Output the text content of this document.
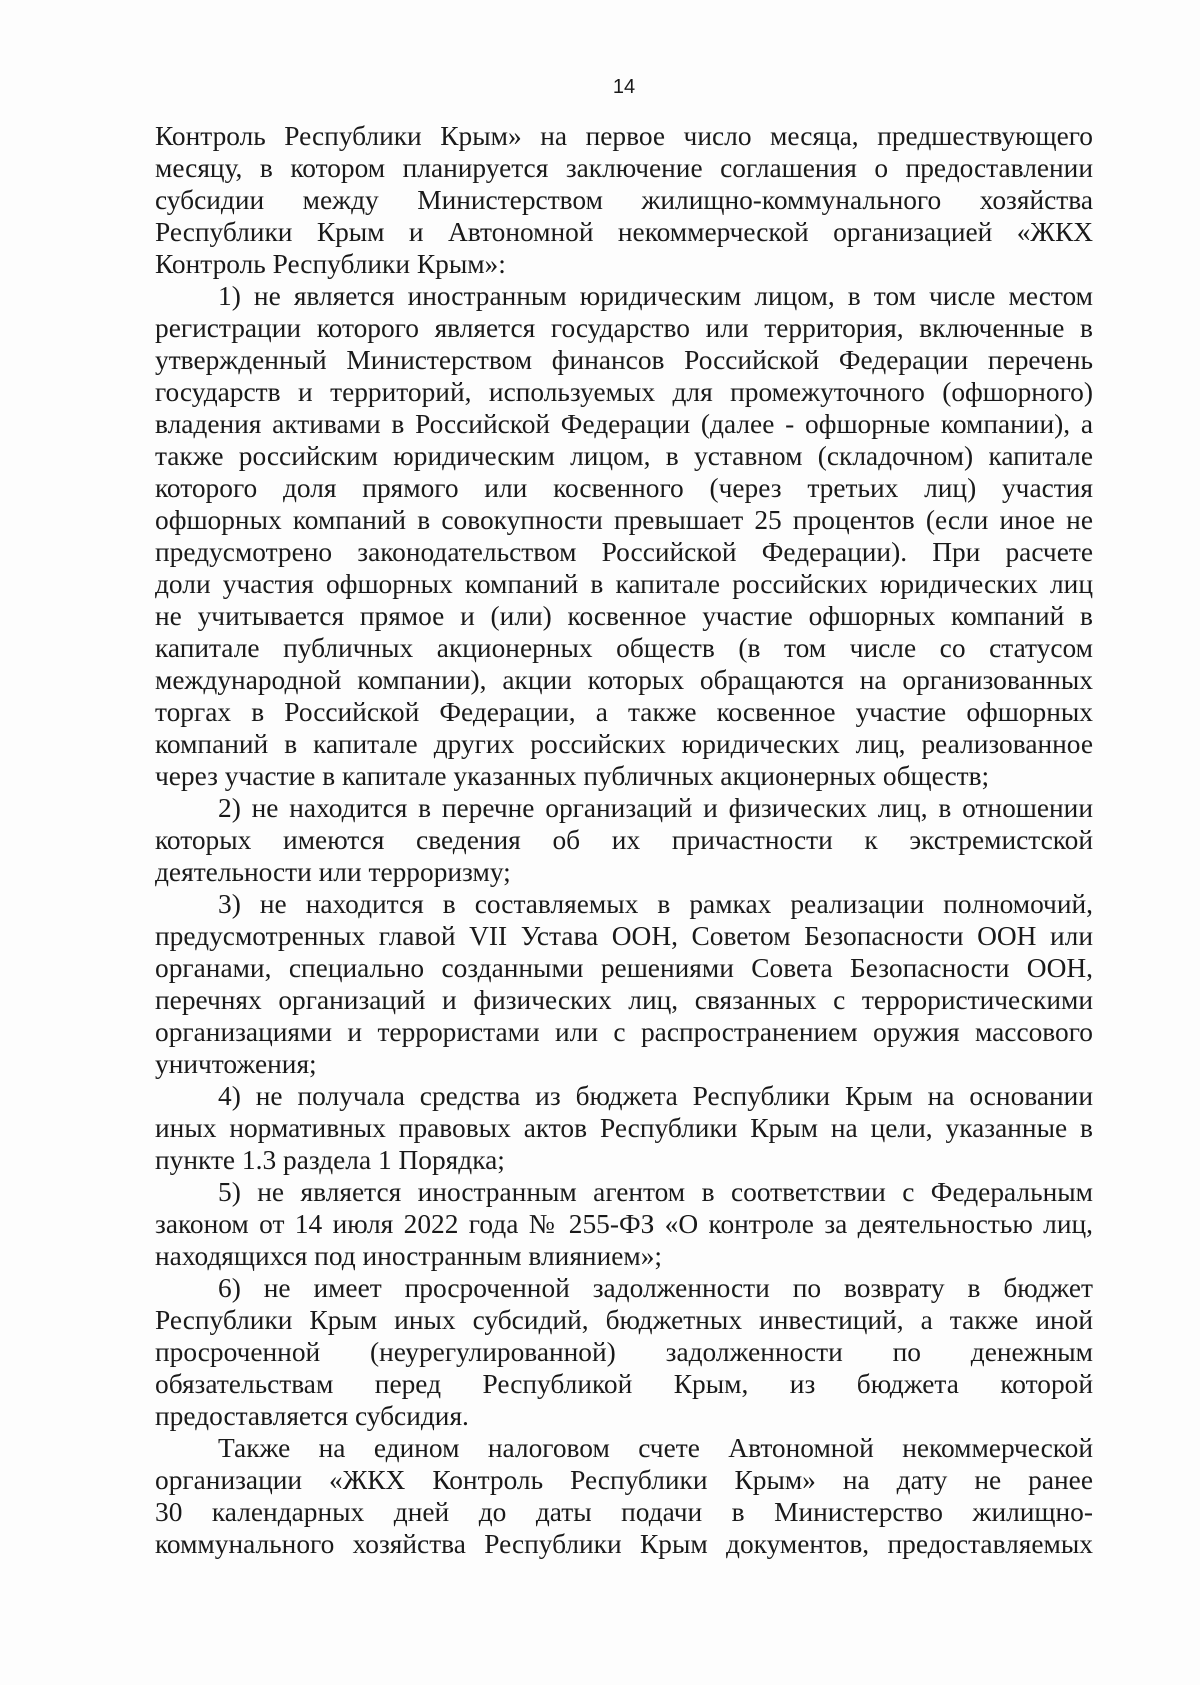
14
Контроль Республики Крым» на первое число месяца, предшествующего
месяцу, в котором планируется заключение соглашения о предоставлении
субсидии между Министерством жилищно-коммунального хозяйства
Республики Крым и Автономной некоммерческой организацией «ЖКХ
Контроль Республики Крым»:
1) не является иностранным юридическим лицом, в том числе местом
регистрации которого является государство или территория, включенные в
утвержденный Министерством финансов Российской Федерации перечень
государств и территорий, используемых для промежуточного (офшорного)
владения активами в Российской Федерации (далее - офшорные компании), а
также российским юридическим лицом, в уставном (складочном) капитале
которого доля прямого или косвенного (через третьих лиц) участия
офшорных компаний в совокупности превышает 25 процентов (если иное не
предусмотрено законодательством Российской Федерации). При расчете
доли участия офшорных компаний в капитале российских юридических лиц
не учитывается прямое и (или) косвенное участие офшорных компаний в
капитале публичных акционерных обществ (в том числе со статусом
международной компании), акции которых обращаются на организованных
торгах в Российской Федерации, а также косвенное участие офшорных
компаний в капитале других российских юридических лиц, реализованное
через участие в капитале указанных публичных акционерных обществ;
2) не находится в перечне организаций и физических лиц, в отношении
которых имеются сведения об их причастности к экстремистской
деятельности или терроризму;
3) не находится в составляемых в рамках реализации полномочий,
предусмотренных главой VII Устава ООН, Советом Безопасности ООН или
органами, специально созданными решениями Совета Безопасности ООН,
перечнях организаций и физических лиц, связанных с террористическими
организациями и террористами или с распространением оружия массового
уничтожения;
4) не получала средства из бюджета Республики Крым на основании
иных нормативных правовых актов Республики Крым на цели, указанные в
пункте 1.3 раздела 1 Порядка;
5) не является иностранным агентом в соответствии с Федеральным
законом от 14 июля 2022 года № 255-ФЗ «О контроле за деятельностью лиц,
находящихся под иностранным влиянием»;
6) не имеет просроченной задолженности по возврату в бюджет
Республики Крым иных субсидий, бюджетных инвестиций, а также иной
просроченной (неурегулированной) задолженности по денежным
обязательствам перед Республикой Крым, из бюджета которой
предоставляется субсидия.
Также на едином налоговом счете Автономной некоммерческой
организации «ЖКХ Контроль Республики Крым» на дату не ранее
30 календарных дней до даты подачи в Министерство жилищно-
коммунального хозяйства Республики Крым документов, предоставляемых
